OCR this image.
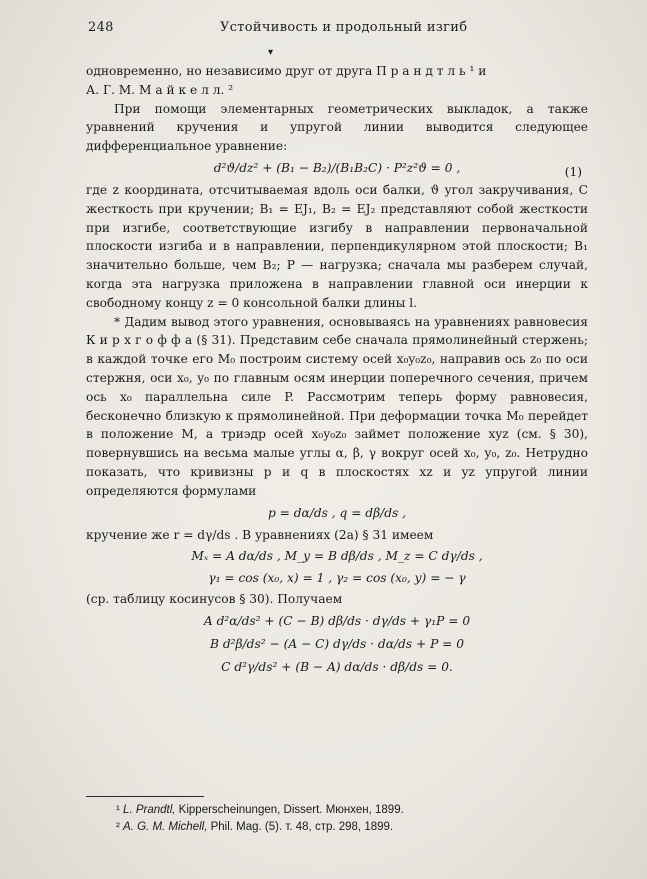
248	Устойчивость и продольный изгиб
▾

одновременно, но независимо друг от друга П р а н д т л ь ¹ и

А. Г. М. М а й к е л л. ²

При помощи элементарных геометрических выкладок, а также уравнений кручения и упругой линии выводится следующее дифференциальное уравнение:

d²ϑ/dz² + (B₁ − B₂)/(B₁B₂C) · P²z²ϑ = 0 ,	(1)

где z координата, отсчитываемая вдоль оси балки, ϑ угол закручивания, C жесткость при кручении; B₁ = EJ₁, B₂ = EJ₂ представляют собой жесткости при изгибе, соответствующие изгибу в направлении первоначальной плоскости изгиба и в направлении, перпендикулярном этой плоскости; B₁ значительно больше, чем B₂; P — нагрузка; сначала мы разберем случай, когда эта нагрузка приложена в направлении главной оси инерции к свободному концу z = 0 консольной балки длины l.

* Дадим вывод этого уравнения, основываясь на уравнениях равновесия К и р х г о ф ф а (§ 31). Представим себе сначала прямолинейный стержень; в каждой точке его M₀ построим систему осей x₀y₀z₀, направив ось z₀ по оси стержня, оси x₀, y₀ по главным осям инерции поперечного сечения, причем ось x₀ параллельна силе P. Рассмотрим теперь форму равновесия, бесконечно близкую к прямолинейной. При деформации точка M₀ перейдет в положение M, а триэдр осей x₀y₀z₀ займет положение xyz (см. § 30), повернувшись на весьма малые углы α, β, γ вокруг осей x₀, y₀, z₀. Нетрудно показать, что кривизны p и q в плоскостях xz и yz упругой линии определяются формулами

p = dα/ds , q = dβ/ds ,

кручение же r = dγ/ds . В уравнениях (2a) § 31 имеем

Mₓ = A dα/ds , M_y = B dβ/ds , M_z = C dγ/ds ,
γ₁ = cos (x₀, x) = 1 , γ₂ = cos (x₀, y) = − γ

(ср. таблицу косинусов § 30). Получаем

A d²α/ds² + (C − B) dβ/ds · dγ/ds + γ₁P = 0
B d²β/ds² − (A − C) dγ/ds · dα/ds + P = 0
C d²γ/ds² + (B − A) dα/ds · dβ/ds = 0.
¹ L. Prandtl, Kipperscheinungen, Dissert. Мюнхен, 1899.
² A. G. M. Michell, Phil. Mag. (5). т. 48, стр. 298, 1899.
